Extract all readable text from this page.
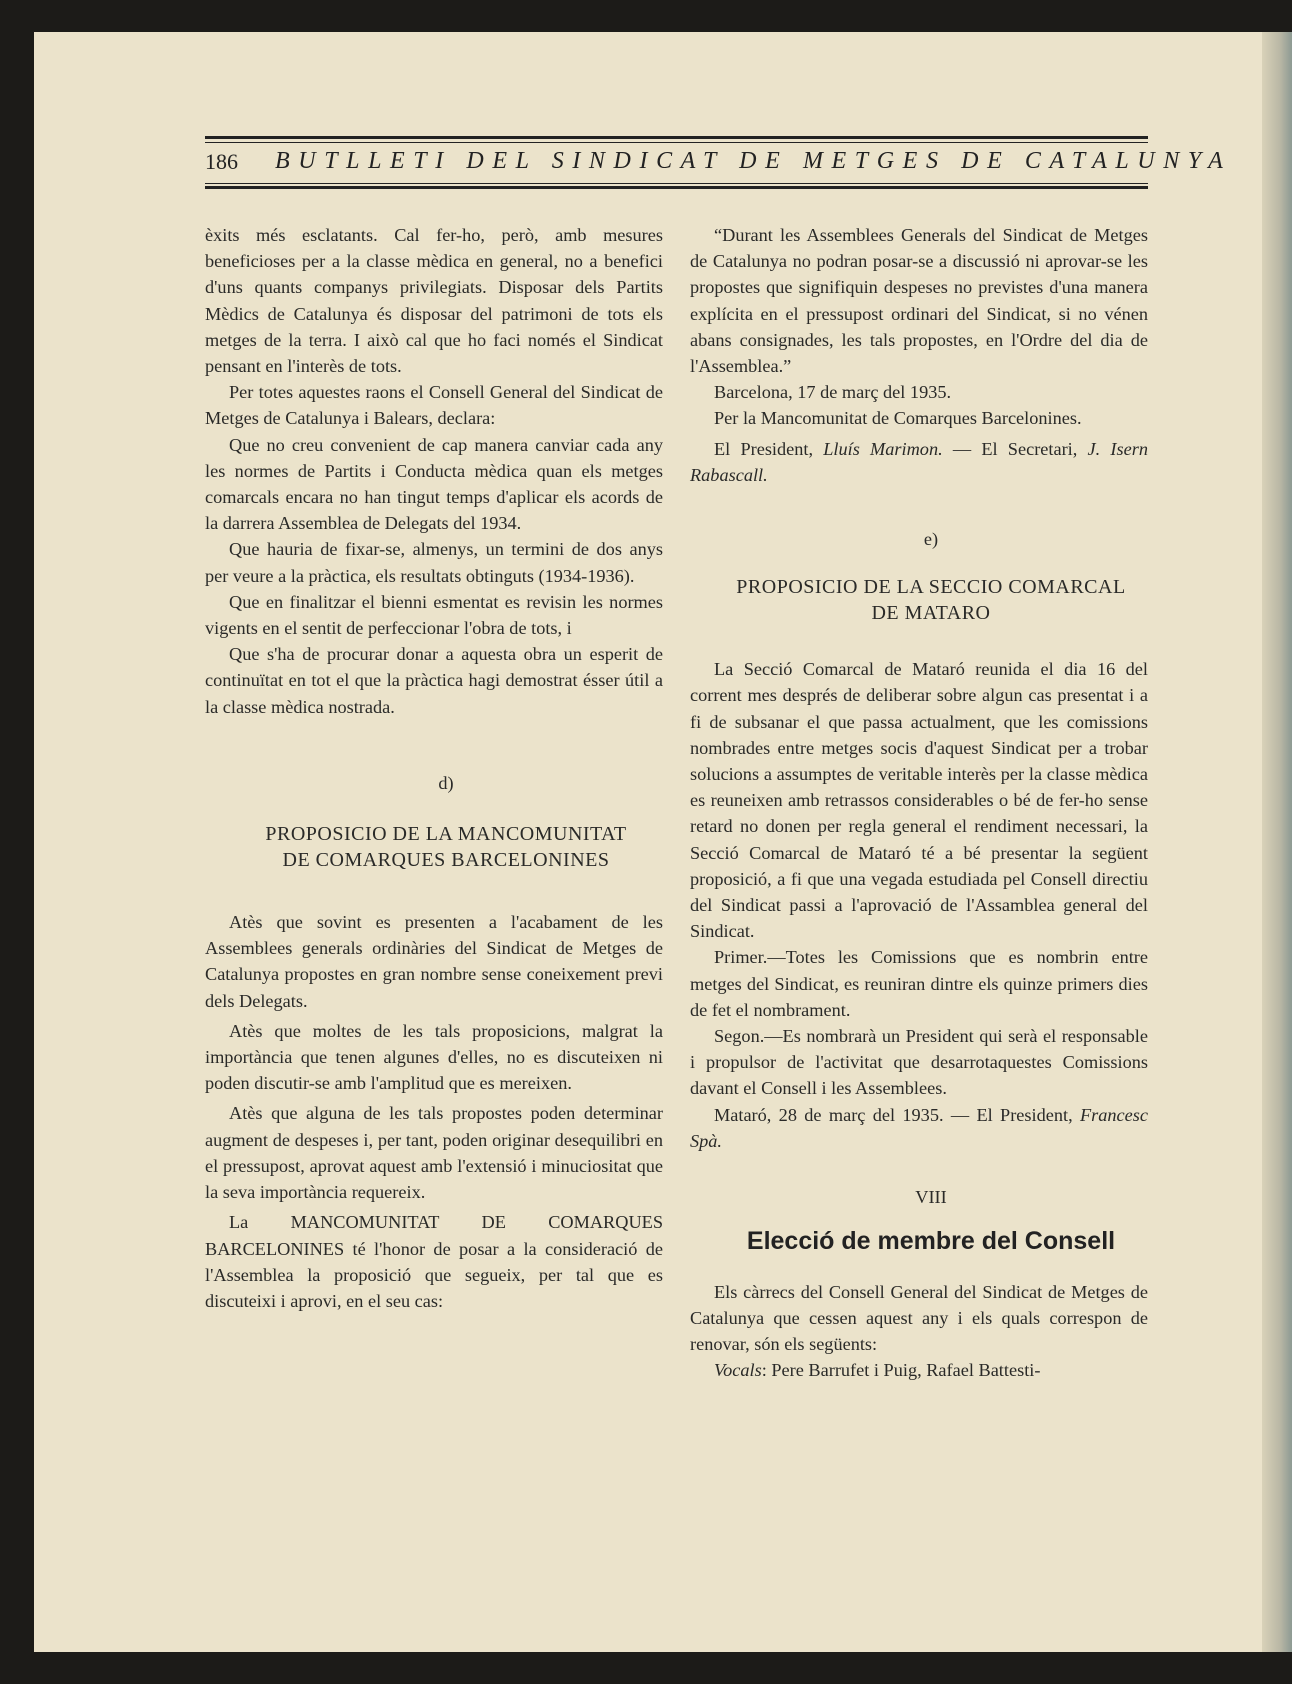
186 BUTLLETI DEL SINDICAT DE METGES DE CATALUNYA

èxits més esclatants. Cal fer-ho, però, amb mesures beneficioses per a la classe mèdica en general, no a benefici d'uns quants companys privilegiats. Disposar dels Partits Mèdics de Catalunya és disposar del patrimoni de tots els metges de la terra. I això cal que ho faci només el Sindicat pensant en l'interès de tots.

Per totes aquestes raons el Consell General del Sindicat de Metges de Catalunya i Balears, declara:

Que no creu convenient de cap manera canviar cada any les normes de Partits i Conducta mèdica quan els metges comarcals encara no han tingut temps d'aplicar els acords de la darrera Assemblea de Delegats del 1934.

Que hauria de fixar-se, almenys, un termini de dos anys per veure a la pràctica, els resultats obtinguts (1934-1936).

Que en finalitzar el bienni esmentat es revisin les normes vigents en el sentit de perfeccionar l'obra de tots, i

Que s'ha de procurar donar a aquesta obra un esperit de continuïtat en tot el que la pràctica hagi demostrat ésser útil a la classe mèdica nostrada.

d)

PROPOSICIO DE LA MANCOMUNITAT

DE COMARQUES BARCELONINES

Atès que sovint es presenten a l'acabament de les Assemblees generals ordinàries del Sindicat de Metges de Catalunya propostes en gran nombre sense coneixement previ dels Delegats.

Atès que moltes de les tals proposicions, malgrat la importància que tenen algunes d'elles, no es discuteixen ni poden discutir-se amb l'amplitud que es mereixen.

Atès que alguna de les tals propostes poden determinar augment de despeses i, per tant, poden originar desequilibri en el pressupost, aprovat aquest amb l'extensió i minuciositat que la seva importància requereix.

La MANCOMUNITAT DE COMARQUES BARCELONINES té l'honor de posar a la consideració de l'Assemblea la proposició que segueix, per tal que es discuteixi i aprovi, en el seu cas:

“Durant les Assemblees Generals del Sindicat de Metges de Catalunya no podran posar-se a discussió ni aprovar-se les propostes que signifiquin despeses no previstes d'una manera explícita en el pressupost ordinari del Sindicat, si no vénen abans consignades, les tals propostes, en l'Ordre del dia de l'Assemblea.”

Barcelona, 17 de març del 1935.

Per la Mancomunitat de Comarques Barcelonines.

El President, Lluís Marimon. — El Secretari, J. Isern Rabascall.

e)

PROPOSICIO DE LA SECCIO COMARCAL

DE MATARO

La Secció Comarcal de Mataró reunida el dia 16 del corrent mes després de deliberar sobre algun cas presentat i a fi de subsanar el que passa actualment, que les comissions nombrades entre metges socis d'aquest Sindicat per a trobar solucions a assumptes de veritable interès per la classe mèdica es reuneixen amb retrassos considerables o bé de fer-ho sense retard no donen per regla general el rendiment necessari, la Secció Comarcal de Mataró té a bé presentar la següent proposició, a fi que una vegada estudiada pel Consell directiu del Sindicat passi a l'aprovació de l'Assamblea general del Sindicat.

Primer.—Totes les Comissions que es nombrin entre metges del Sindicat, es reuniran dintre els quinze primers dies de fet el nombrament.

Segon.—Es nombrarà un President qui serà el responsable i propulsor de l'activitat que desarrotaquestes Comissions davant el Consell i les Assemblees.

Mataró, 28 de març del 1935. — El President, Francesc Spà.

VIII

Elecció de membre del Consell

Els càrrecs del Consell General del Sindicat de Metges de Catalunya que cessen aquest any i els quals correspon de renovar, són els següents:

Vocals: Pere Barrufet i Puig, Rafael Battesti-
